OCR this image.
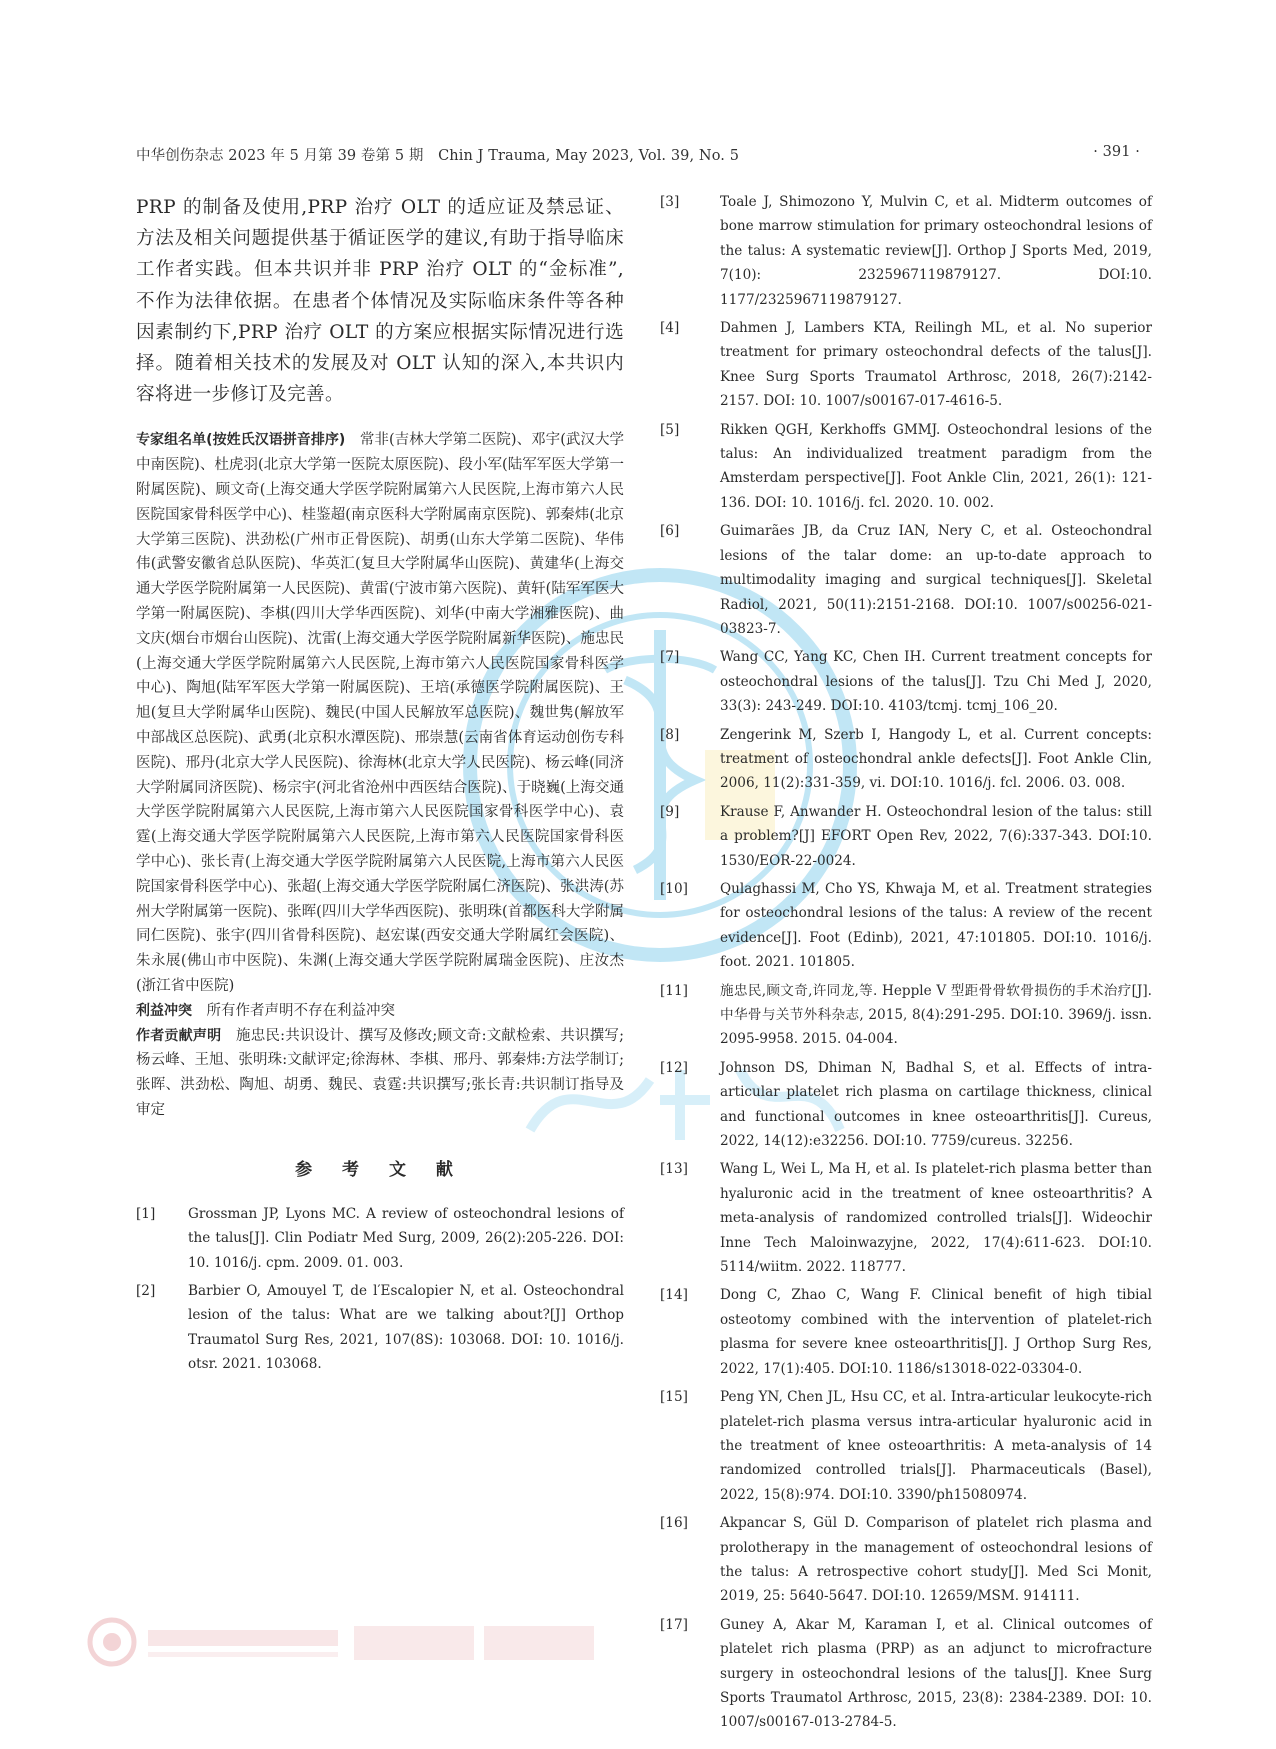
中华创伤杂志 2023 年 5 月第 39 卷第 5 期　Chin J Trauma, May 2023, Vol. 39, No. 5	· 391 ·

PRP 的制备及使用,PRP 治疗 OLT 的适应证及禁忌证、方法及相关问题提供基于循证医学的建议,有助于指导临床工作者实践。但本共识并非 PRP 治疗 OLT 的“金标准”,不作为法律依据。在患者个体情况及实际临床条件等各种因素制约下,PRP 治疗 OLT 的方案应根据实际情况进行选择。随着相关技术的发展及对 OLT 认知的深入,本共识内容将进一步修订及完善。

专家组名单(按姓氏汉语拼音排序)　 常非(吉林大学第二医院)、邓宇(武汉大学中南医院)、杜虎羽(北京大学第一医院太原医院)、段小军(陆军军医大学第一附属医院)、顾文奇(上海交通大学医学院附属第六人民医院,上海市第六人民医院国家骨科医学中心)、桂鉴超(南京医科大学附属南京医院)、郭秦炜(北京大学第三医院)、洪劲松(广州市正骨医院)、胡勇(山东大学第二医院)、华伟伟(武警安徽省总队医院)、华英汇(复旦大学附属华山医院)、黄建华(上海交通大学医学院附属第一人民医院)、黄雷(宁波市第六医院)、黄轩(陆军军医大学第一附属医院)、李棋(四川大学华西医院)、刘华(中南大学湘雅医院)、曲文庆(烟台市烟台山医院)、沈雷(上海交通大学医学院附属新华医院)、施忠民(上海交通大学医学院附属第六人民医院,上海市第六人民医院国家骨科医学中心)、陶旭(陆军军医大学第一附属医院)、王培(承德医学院附属医院)、王旭(复旦大学附属华山医院)、魏民(中国人民解放军总医院)、魏世隽(解放军中部战区总医院)、武勇(北京积水潭医院)、邢崇慧(云南省体育运动创伤专科医院)、邢丹(北京大学人民医院)、徐海林(北京大学人民医院)、杨云峰(同济大学附属同济医院)、杨宗宇(河北省沧州中西医结合医院)、于晓巍(上海交通大学医学院附属第六人民医院,上海市第六人民医院国家骨科医学中心)、袁霆(上海交通大学医学院附属第六人民医院,上海市第六人民医院国家骨科医学中心)、张长青(上海交通大学医学院附属第六人民医院,上海市第六人民医院国家骨科医学中心)、张超(上海交通大学医学院附属仁济医院)、张洪涛(苏州大学附属第一医院)、张晖(四川大学华西医院)、张明珠(首都医科大学附属同仁医院)、张宇(四川省骨科医院)、赵宏谋(西安交通大学附属红会医院)、朱永展(佛山市中医院)、朱渊(上海交通大学医学院附属瑞金医院)、庄汝杰(浙江省中医院)
利益冲突　 所有作者声明不存在利益冲突
作者贡献声明　 施忠民:共识设计、撰写及修改;顾文奇:文献检索、共识撰写;杨云峰、王旭、张明珠:文献评定;徐海林、李棋、邢丹、郭秦炜:方法学制订;张晖、洪劲松、陶旭、胡勇、魏民、袁霆:共识撰写;张长青:共识制订指导及审定
参 考 文 献
[1] Grossman JP, Lyons MC. A review of osteochondral lesions of the talus[J]. Clin Podiatr Med Surg, 2009, 26(2):205-226. DOI: 10. 1016/j. cpm. 2009. 01. 003.
[2] Barbier O, Amouyel T, de l′Escalopier N, et al. Osteochondral lesion of the talus: What are we talking about?[J] Orthop Traumatol Surg Res, 2021, 107(8S): 103068. DOI: 10. 1016/j. otsr. 2021. 103068.
[3]	Toale J, Shimozono Y, Mulvin C, et al. Midterm outcomes of bone marrow stimulation for primary osteochondral lesions of the talus: A systematic review[J]. Orthop J Sports Med, 2019, 7(10): 2325967119879127. DOI:10. 1177/2325967119879127.
[4]	Dahmen J, Lambers KTA, Reilingh ML, et al. No superior treatment for primary osteochondral defects of the talus[J]. Knee Surg Sports Traumatol Arthrosc, 2018, 26(7):2142-2157. DOI: 10. 1007/s00167-017-4616-5.
[5]	Rikken QGH, Kerkhoffs GMMJ. Osteochondral lesions of the talus: An individualized treatment paradigm from the Amsterdam perspective[J]. Foot Ankle Clin, 2021, 26(1): 121-136. DOI: 10. 1016/j. fcl. 2020. 10. 002.
[6]	Guimarães JB, da Cruz IAN, Nery C, et al. Osteochondral lesions of the talar dome: an up-to-date approach to multimodality imaging and surgical techniques[J]. Skeletal Radiol, 2021, 50(11):2151-2168. DOI:10. 1007/s00256-021-03823-7.
[7]	Wang CC, Yang KC, Chen IH. Current treatment concepts for osteochondral lesions of the talus[J]. Tzu Chi Med J, 2020, 33(3): 243-249. DOI:10. 4103/tcmj. tcmj_106_20.
[8]	Zengerink M, Szerb I, Hangody L, et al. Current concepts: treatment of osteochondral ankle defects[J]. Foot Ankle Clin, 2006, 11(2):331-359, vi. DOI:10. 1016/j. fcl. 2006. 03. 008.
[9]	Krause F, Anwander H. Osteochondral lesion of the talus: still a problem?[J] EFORT Open Rev, 2022, 7(6):337-343. DOI:10. 1530/EOR-22-0024.
[10] Qulaghassi M, Cho YS, Khwaja M, et al. Treatment strategies for osteochondral lesions of the talus: A review of the recent evidence[J]. Foot (Edinb), 2021, 47:101805. DOI:10. 1016/j. foot. 2021. 101805.
[11] 施忠民,顾文奇,许同龙,等. Hepple V 型距骨骨软骨损伤的手术治疗[J]. 中华骨与关节外科杂志, 2015, 8(4):291-295. DOI:10. 3969/j. issn. 2095-9958. 2015. 04-004.
[12] Johnson DS, Dhiman N, Badhal S, et al. Effects of intra-articular platelet rich plasma on cartilage thickness, clinical and functional outcomes in knee osteoarthritis[J]. Cureus, 2022, 14(12):e32256. DOI:10. 7759/cureus. 32256.
[13] Wang L, Wei L, Ma H, et al. Is platelet-rich plasma better than hyaluronic acid in the treatment of knee osteoarthritis? A meta-analysis of randomized controlled trials[J]. Wideochir Inne Tech Maloinwazyjne, 2022, 17(4):611-623. DOI:10. 5114/wiitm. 2022. 118777.
[14] Dong C, Zhao C, Wang F. Clinical benefit of high tibial osteotomy combined with the intervention of platelet-rich plasma for severe knee osteoarthritis[J]. J Orthop Surg Res, 2022, 17(1):405. DOI:10. 1186/s13018-022-03304-0.
[15] Peng YN, Chen JL, Hsu CC, et al. Intra-articular leukocyte-rich platelet-rich plasma versus intra-articular hyaluronic acid in the treatment of knee osteoarthritis: A meta-analysis of 14 randomized controlled trials[J]. Pharmaceuticals (Basel), 2022, 15(8):974. DOI:10. 3390/ph15080974.
[16] Akpancar S, Gül D. Comparison of platelet rich plasma and prolotherapy in the management of osteochondral lesions of the talus: A retrospective cohort study[J]. Med Sci Monit, 2019, 25: 5640-5647. DOI:10. 12659/MSM. 914111.
[17] Guney A, Akar M, Karaman I, et al. Clinical outcomes of platelet rich plasma (PRP) as an adjunct to microfracture surgery in osteochondral lesions of the talus[J]. Knee Surg Sports Traumatol Arthrosc, 2015, 23(8): 2384-2389. DOI: 10. 1007/s00167-013-2784-5.
